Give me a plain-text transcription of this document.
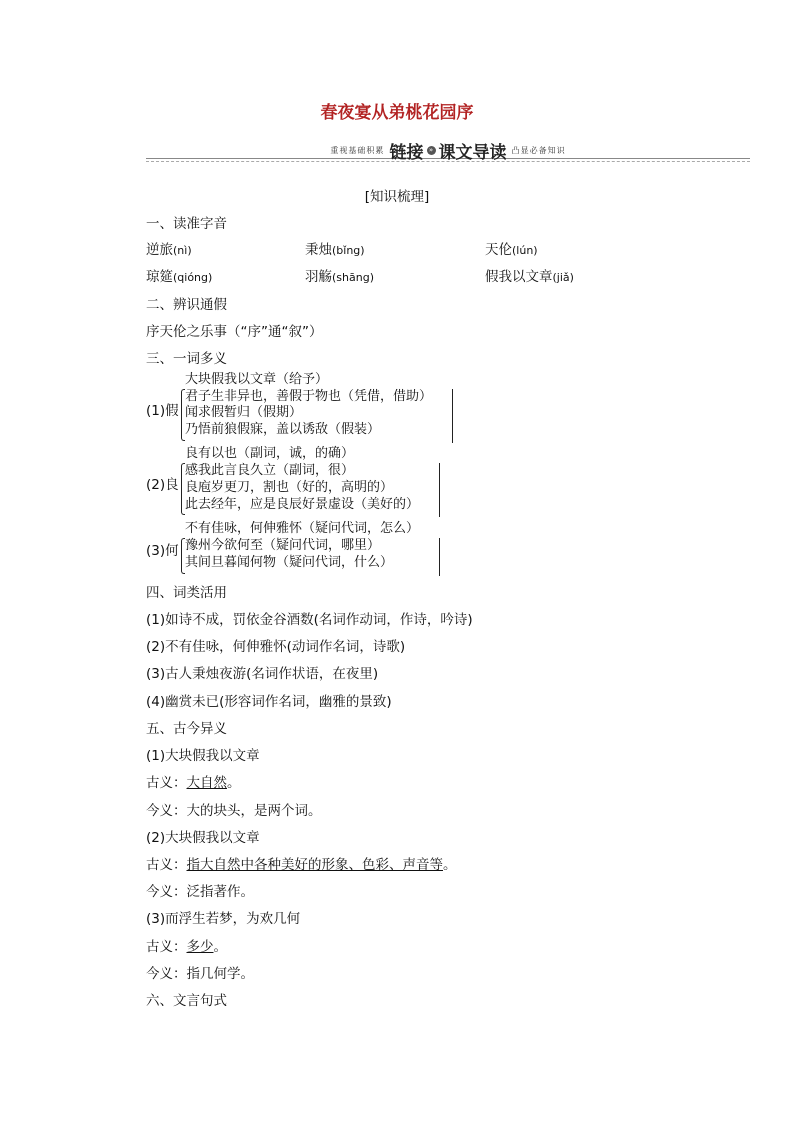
春夜宴从弟桃花园序
重视基础积累 链接 » 课文导读 凸显必备知识
[知识梳理]
一、读准字音
逆旅(nì)	秉烛(bǐng)	天伦(lún)
琼筵(qióng)	羽觞(shāng)	假我以文章(jiǎ)
二、辨识通假
序天伦之乐事（“序”通“叙”）
三、一词多义
(1)假
大块假我以文章（给予）
君子生非异也，善假于物也（凭借，借助）
闻求假暂归（假期）
乃悟前狼假寐，盖以诱敌（假装）
(2)良
良有以也（副词，诚，的确）
感我此言良久立（副词，很）
良庖岁更刀，割也（好的，高明的）
此去经年，应是良辰好景虚设（美好的）
(3)何
不有佳咏，何伸雅怀（疑问代词，怎么）
豫州今欲何至（疑问代词，哪里）
其间旦暮闻何物（疑问代词，什么）
四、词类活用
(1)如诗不成，罚依金谷酒数(名词作动词，作诗，吟诗)
(2)不有佳咏，何伸雅怀(动词作名词，诗歌)
(3)古人秉烛夜游(名词作状语，在夜里)
(4)幽赏未已(形容词作名词，幽雅的景致)
五、古今异义
(1)大块假我以文章
古义：大自然。
今义：大的块头，是两个词。
(2)大块假我以文章
古义：指大自然中各种美好的形象、色彩、声音等。
今义：泛指著作。
(3)而浮生若梦，为欢几何
古义：多少。
今义：指几何学。
六、文言句式
